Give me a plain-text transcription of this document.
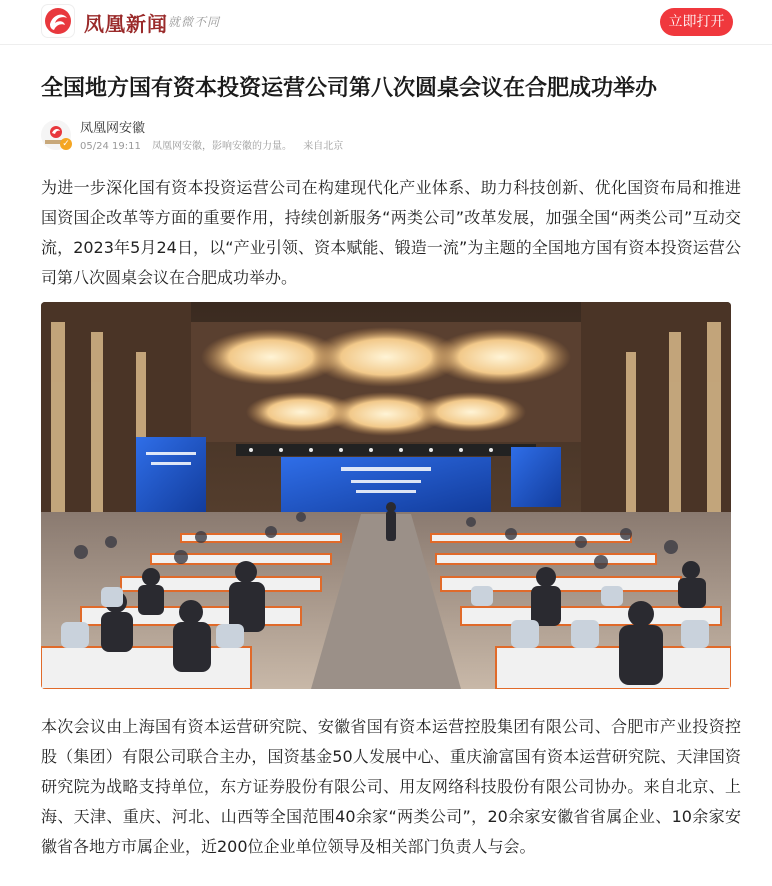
凤凰新闻 就微不同	立即打开
全国地方国有资本投资运营公司第八次圆桌会议在合肥成功举办
✓
凤凰网安徽
05/24 19:11 凤凰网安徽，影响安徽的力量。 来自北京

为进一步深化国有资本投资运营公司在构建现代化产业体系、助力科技创新、优化国资布局和推进国资国企改革等方面的重要作用，持续创新服务“两类公司”改革发展，加强全国“两类公司”互动交流，2023年5月24日，以“产业引领、资本赋能、锻造一流”为主题的全国地方国有资本投资运营公司第八次圆桌会议在合肥成功举办。

本次会议由上海国有资本运营研究院、安徽省国有资本运营控股集团有限公司、合肥市产业投资控股（集团）有限公司联合主办，国资基金50人发展中心、重庆渝富国有资本运营研究院、天津国资研究院为战略支持单位，东方证券股份有限公司、用友网络科技股份有限公司协办。来自北京、上海、天津、重庆、河北、山西等全国范围40余家“两类公司”，20余家安徽省省属企业、10余家安徽省各地方市属企业，近200位企业单位领导及相关部门负责人与会。
